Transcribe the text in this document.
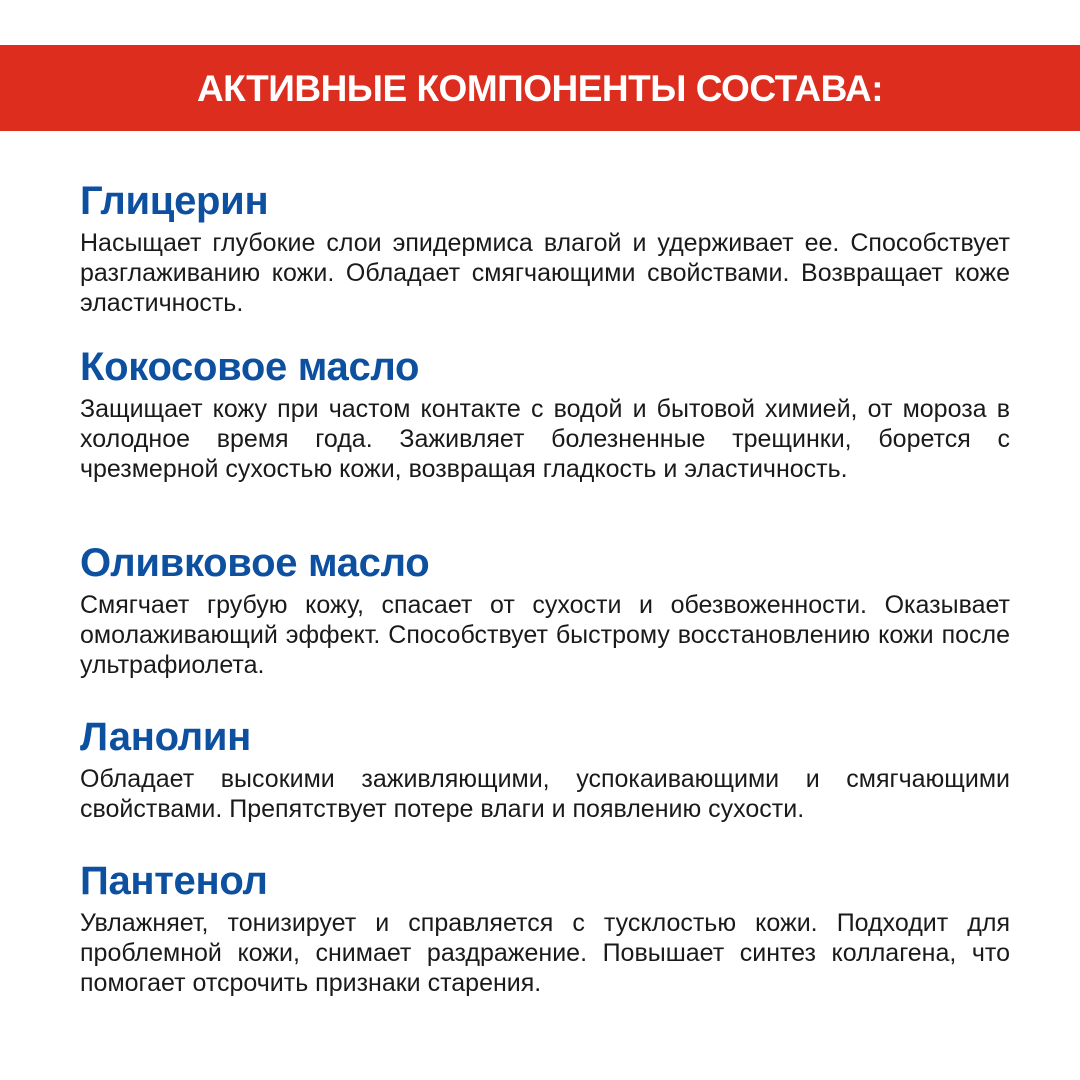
АКТИВНЫЕ КОМПОНЕНТЫ СОСТАВА:
Глицерин

Насыщает глубокие слои эпидермиса влагой и удерживает ее. Способствует разглаживанию кожи. Обладает смягчающими свойствами. Возвращает коже эластичность.

Кокосовое масло

Защищает кожу при частом контакте с водой и бытовой химией, от мороза в холодное время года. Заживляет болезненные трещинки, борется с чрезмерной сухостью кожи, возвращая гладкость и эластичность.

Оливковое масло

Смягчает грубую кожу, спасает от сухости и обезвоженности. Оказывает омолаживающий эффект. Способствует быстрому восстановлению кожи после ультрафиолета.

Ланолин

Обладает высокими заживляющими, успокаивающими и смягчающими свойствами. Препятствует потере влаги и появлению сухости.

Пантенол

Увлажняет, тонизирует и справляется с тусклостью кожи. Подходит для проблемной кожи, снимает раздражение. Повышает синтез коллагена, что помогает отсрочить признаки старения.
